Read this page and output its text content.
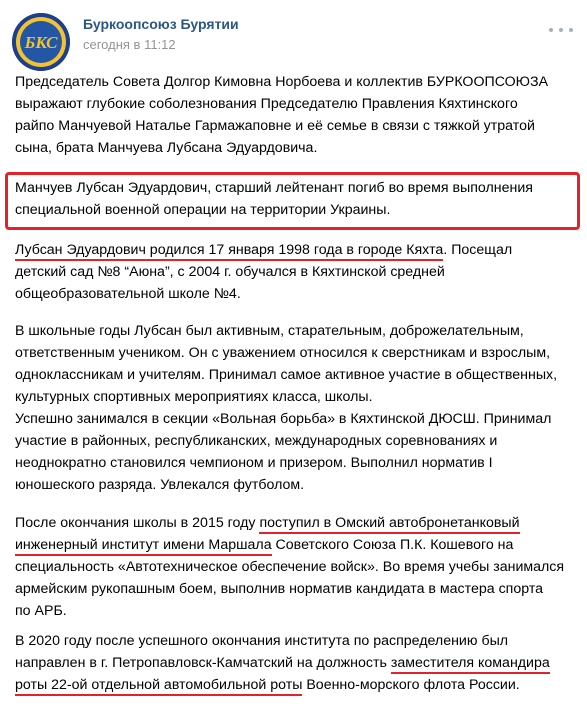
БКС
Буркоопсоюз Бурятии
сегодня в 11:12
Председатель Совета Долгор Кимовна Норбоева и коллектив БУРКООПСОЮЗА
выражают глубокие соболезнования Председателю Правления Кяхтинского
райпо Манчуевой Наталье Гармажаповне и её семье в связи с тяжкой утратой
сына, брата Манчуева Лубсана Эдуардовича.
Манчуев Лубсан Эдуардович, старший лейтенант погиб во время выполнения
специальной военной операции на территории Украины.
Лубсан Эдуардович родился 17 января 1998 года в городе Кяхта. Посещал
детский сад №8 “Аюна”, с 2004 г. обучался в Кяхтинской средней
общеобразовательной школе №4.
В школьные годы Лубсан был активным, старательным, доброжелательным,
ответственным учеником. Он с уважением относился к сверстникам и взрослым,
одноклассникам и учителям. Принимал самое активное участие в общественных,
культурных спортивных мероприятиях класса, школы.
Успешно занимался в секции «Вольная борьба» в Кяхтинской ДЮСШ. Принимал
участие в районных, республиканских, международных соревнованиях и
неоднократно становился чемпионом и призером. Выполнил норматив I
юношеского разряда. Увлекался футболом.
После окончания школы в 2015 году поступил в Омский автобронетанковый
инженерный институт имени Маршала Советского Союза П.К. Кошевого на
специальность «Автотехническое обеспечение войск». Во время учебы занимался
армейским рукопашным боем, выполнив норматив кандидата в мастера спорта
по АРБ.
В 2020 году после успешного окончания института по распределению был
направлен в г. Петропавловск-Камчатский на должность заместителя командира
роты 22-ой отдельной автомобильной роты Военно-морского флота России.
